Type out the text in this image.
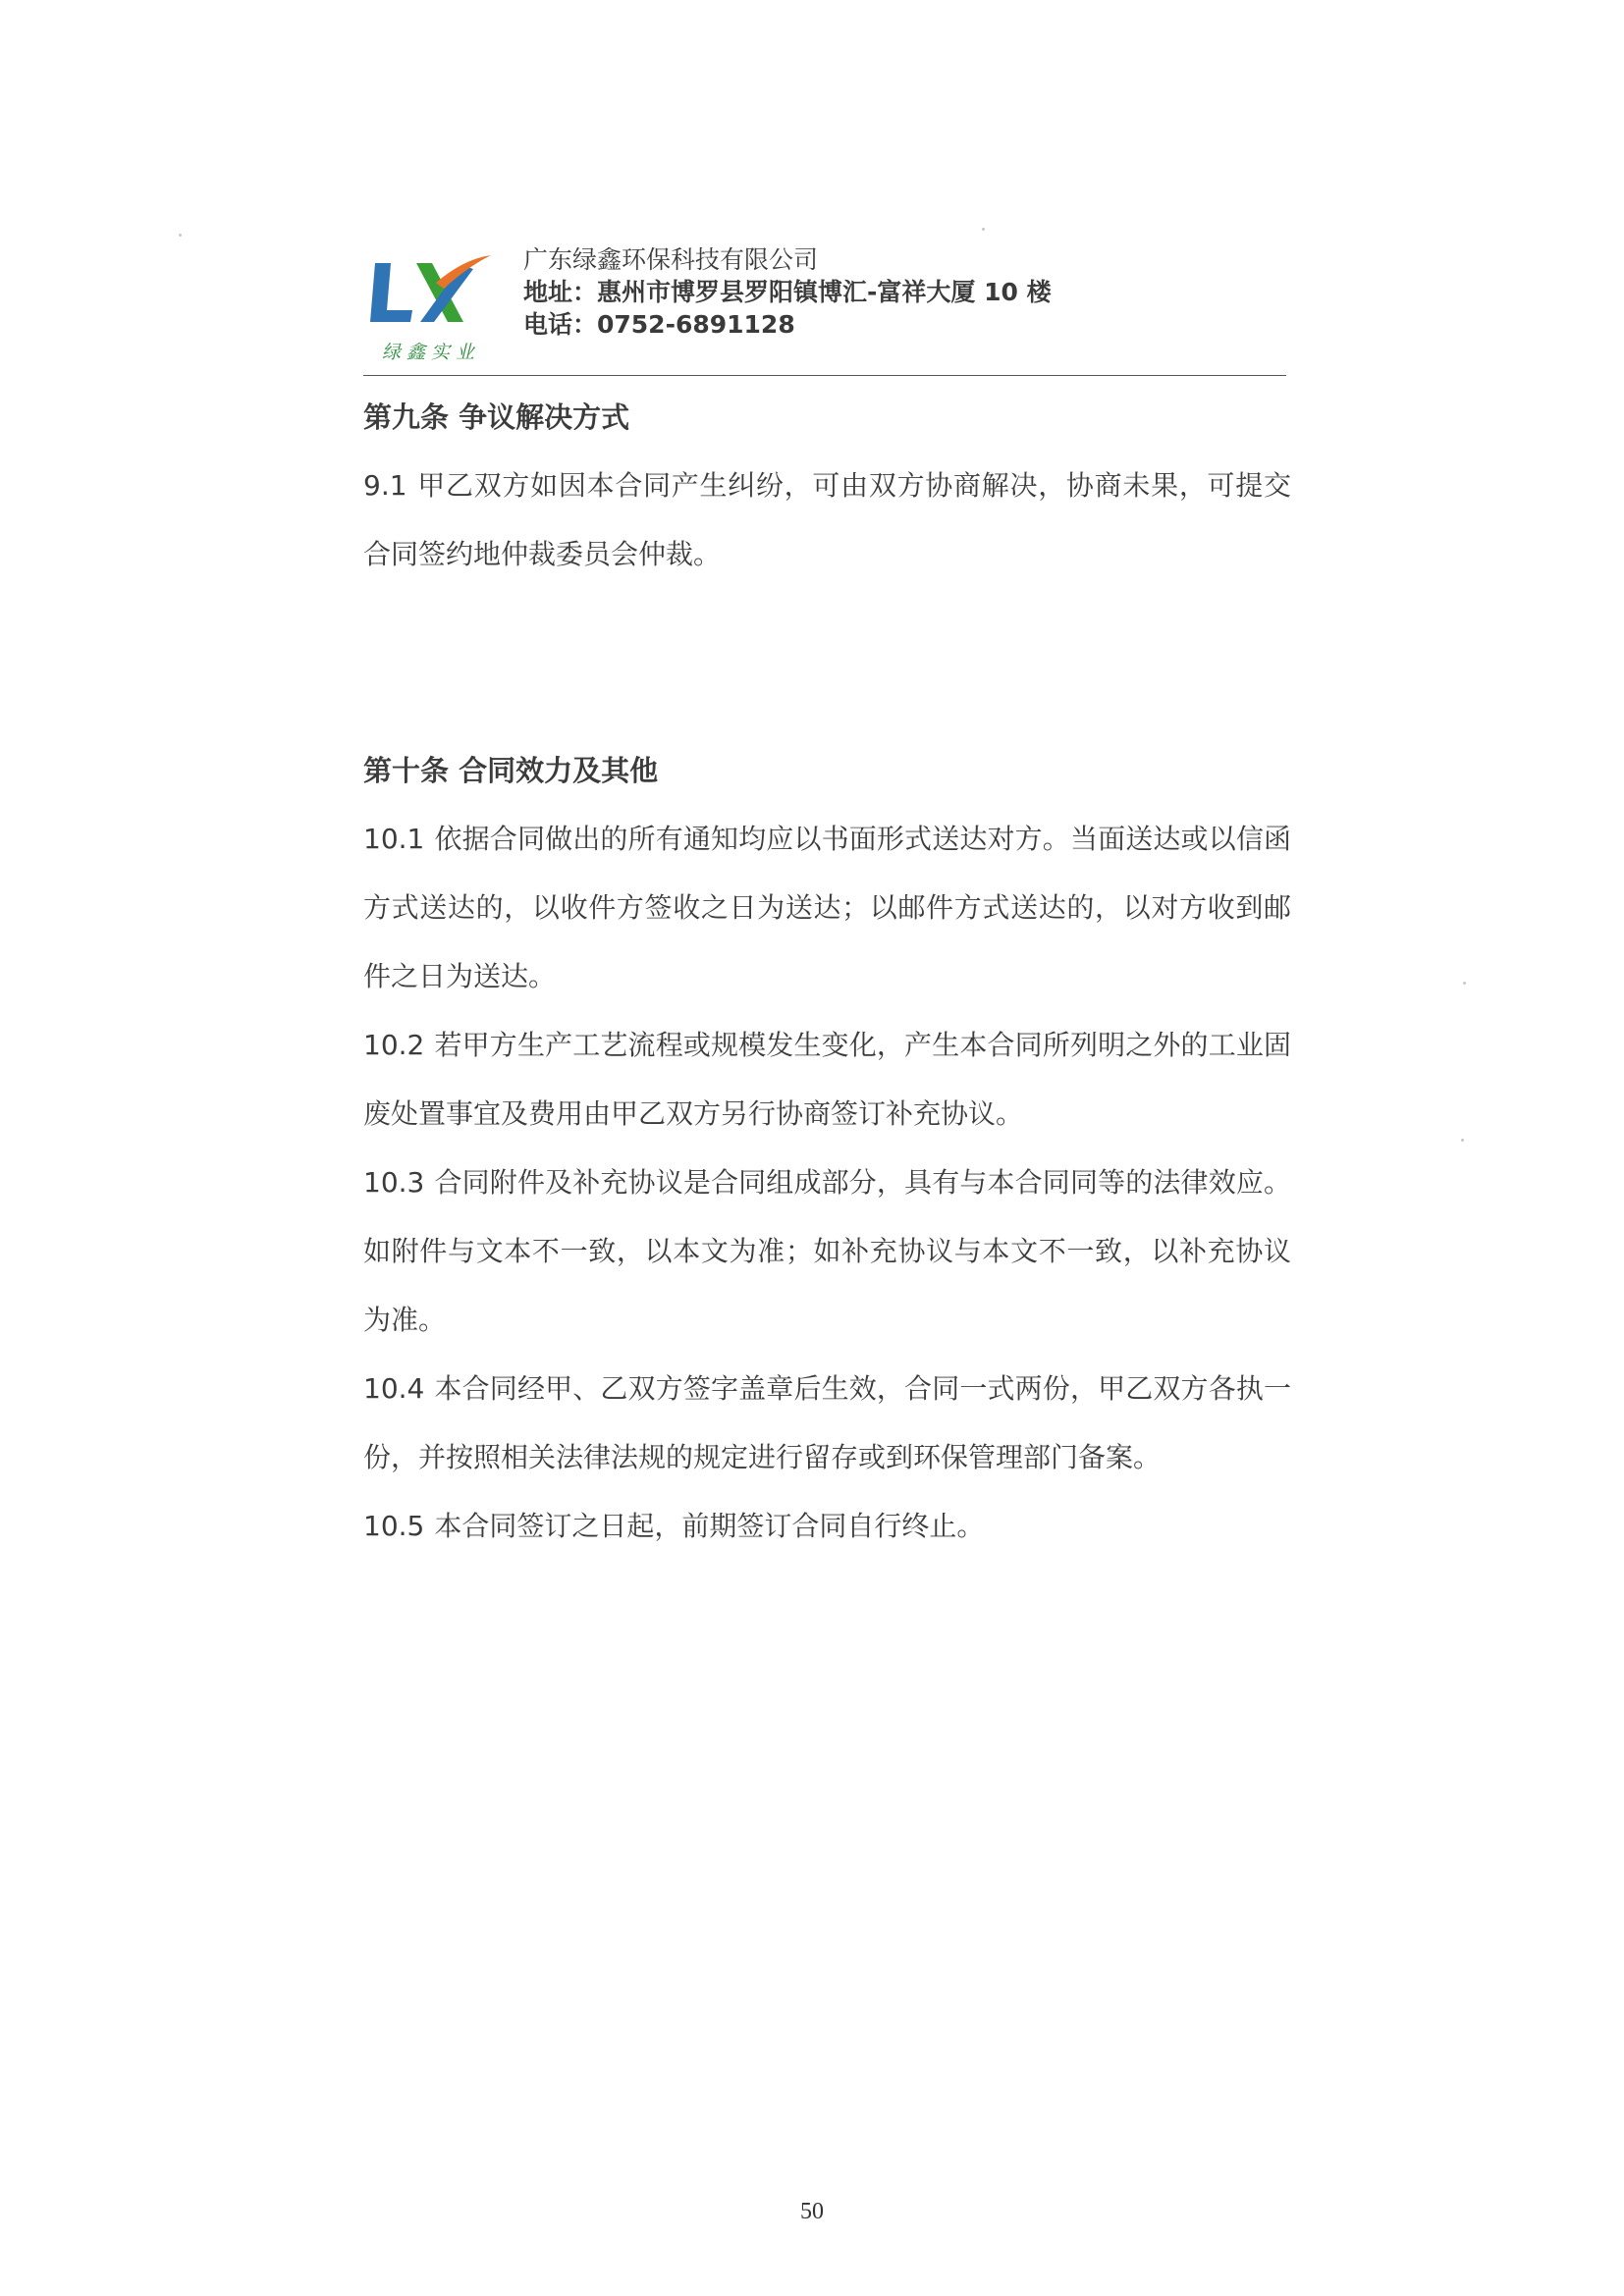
绿鑫实业
广东绿鑫环保科技有限公司
地址：惠州市博罗县罗阳镇博汇-富祥大厦 10 楼
电话：0752-6891128
第九条 争议解决方式
9.1 甲乙双方如因本合同产生纠纷，可由双方协商解决，协商未果，可提交合同签约地仲裁委员会仲裁。
第十条 合同效力及其他
10.1 依据合同做出的所有通知均应以书面形式送达对方。当面送达或以信函方式送达的，以收件方签收之日为送达；以邮件方式送达的，以对方收到邮件之日为送达。
10.2 若甲方生产工艺流程或规模发生变化，产生本合同所列明之外的工业固废处置事宜及费用由甲乙双方另行协商签订补充协议。
10.3 合同附件及补充协议是合同组成部分，具有与本合同同等的法律效应。如附件与文本不一致，以本文为准；如补充协议与本文不一致，以补充协议为准。
10.4 本合同经甲、乙双方签字盖章后生效，合同一式两份，甲乙双方各执一份，并按照相关法律法规的规定进行留存或到环保管理部门备案。
10.5 本合同签订之日起，前期签订合同自行终止。
50
